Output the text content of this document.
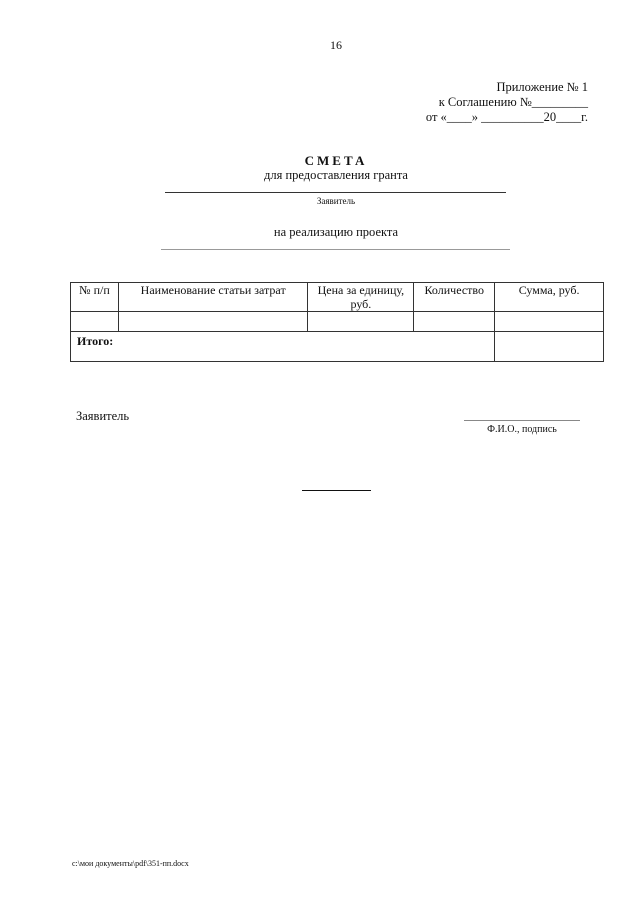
16
Приложение № 1
к Соглашению №_________
от «____» __________20____г.
СМЕТА
для предоставления гранта
Заявитель
на реализацию проекта
№ п/п	Наименование статьи затрат	Цена за единицу, руб.	Количество	Сумма, руб.

Итого:				
Заявитель
Ф.И.О., подпись
c:\мои документы\pdf\351-пп.docx
